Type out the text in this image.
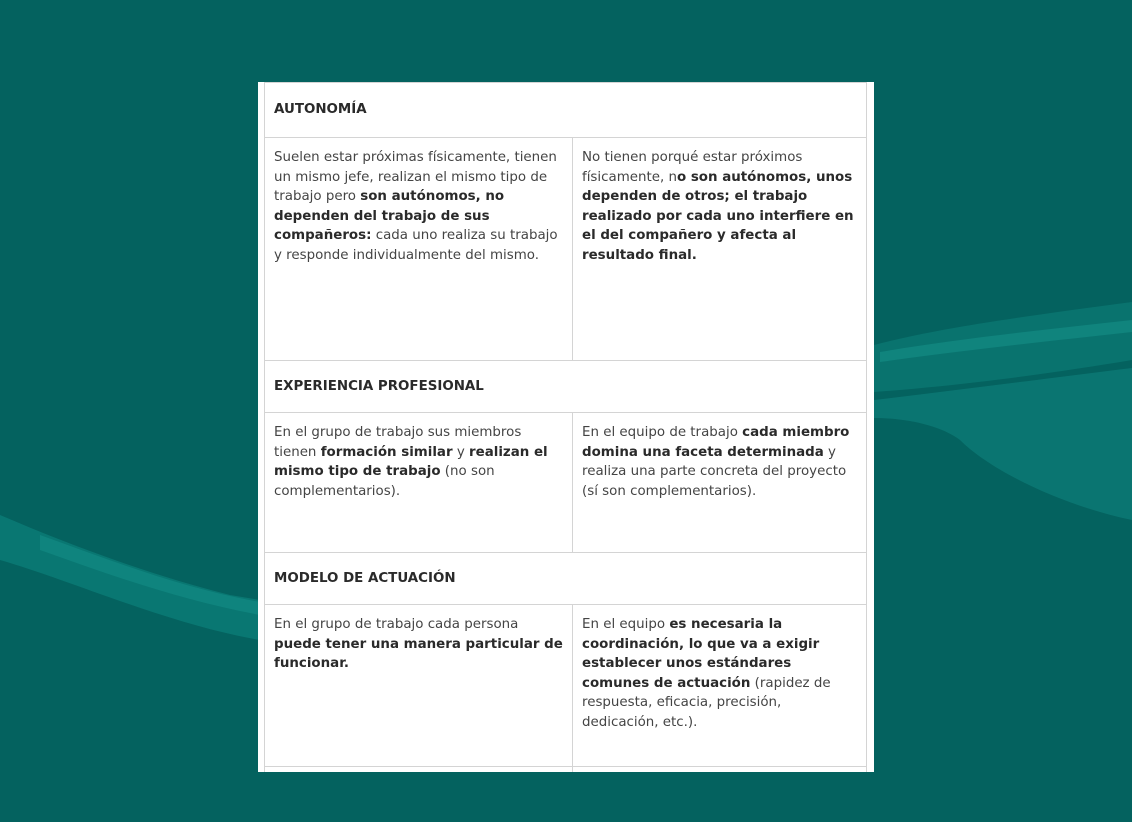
AUTONOMÍA	
Suelen estar próximas físicamente, tienen un mismo jefe, realizan el mismo tipo de trabajo pero son autónomos, no dependen del trabajo de sus compañeros: cada uno realiza su trabajo y responde individualmente del mismo.	No tienen porqué estar próximos físicamente, no son autónomos, unos dependen de otros; el trabajo realizado por cada uno interfiere en el del compañero y afecta al resultado final.
EXPERIENCIA PROFESIONAL	
En el grupo de trabajo sus miembros tienen formación similar y realizan el mismo tipo de trabajo (no son complementarios).	En el equipo de trabajo cada miembro domina una faceta determinada y realiza una parte concreta del proyecto (sí son complementarios).
MODELO DE ACTUACIÓN	
En el grupo de trabajo cada persona puede tener una manera particular de funcionar.	En el equipo es necesaria la coordinación, lo que va a exigir establecer unos estándares comunes de actuación (rapidez de respuesta, eficacia, precisión, dedicación, etc.).
